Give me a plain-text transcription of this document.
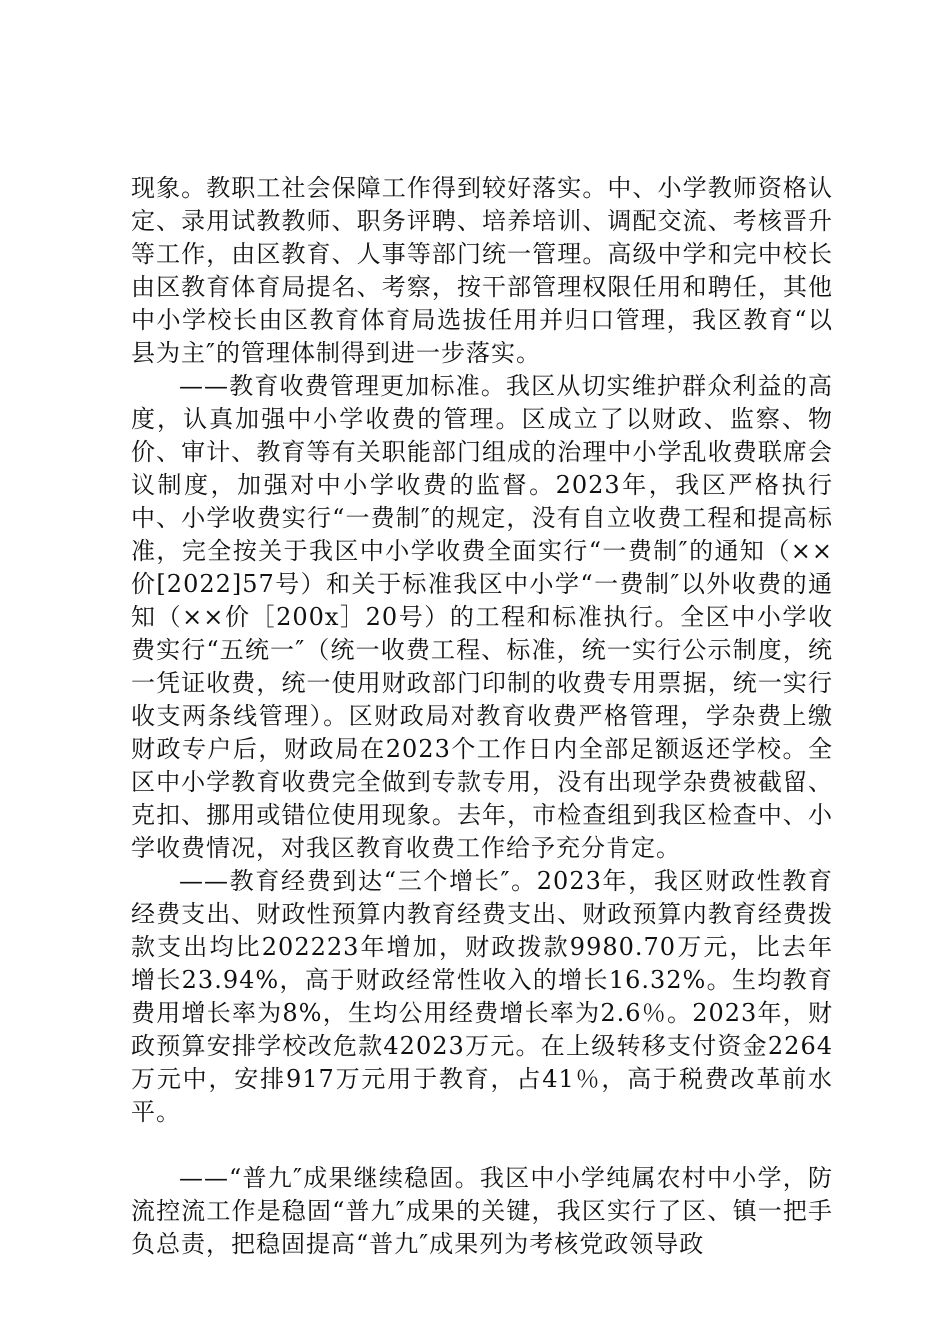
现象。教职工社会保障工作得到较好落实。中、小学教师资格认定、录用试教教师、职务评聘、培养培训、调配交流、考核晋升等工作，由区教育、人事等部门统一管理。高级中学和完中校长由区教育体育局提名、考察，按干部管理权限任用和聘任，其他中小学校长由区教育体育局选拔任用并归口管理，我区教育“以县为主″的管理体制得到进一步落实。

——教育收费管理更加标准。我区从切实维护群众利益的高度，认真加强中小学收费的管理。区成立了以财政、监察、物价、审计、教育等有关职能部门组成的治理中小学乱收费联席会议制度，加强对中小学收费的监督。2023年，我区严格执行中、小学收费实行“一费制″的规定，没有自立收费工程和提高标准，完全按关于我区中小学收费全面实行“一费制″的通知（××价[2022]57号）和关于标准我区中小学“一费制″以外收费的通知（××价［200x］20号）的工程和标准执行。全区中小学收费实行“五统一″（统一收费工程、标准，统一实行公示制度，统一凭证收费，统一使用财政部门印制的收费专用票据，统一实行收支两条线管理）。区财政局对教育收费严格管理，学杂费上缴财政专户后，财政局在2023个工作日内全部足额返还学校。全区中小学教育收费完全做到专款专用，没有出现学杂费被截留、克扣、挪用或错位使用现象。去年，市检查组到我区检查中、小学收费情况，对我区教育收费工作给予充分肯定。

——教育经费到达“三个增长″。2023年，我区财政性教育经费支出、财政性预算内教育经费支出、财政预算内教育经费拨款支出均比202223年增加，财政拨款9980.70万元，比去年增长23.94%，高于财政经常性收入的增长16.32%。生均教育费用增长率为8%，生均公用经费增长率为2.6％。2023年，财政预算安排学校改危款42023万元。在上级转移支付资金2264万元中，安排917万元用于教育，占41％，高于税费改革前水平。

——“普九″成果继续稳固。我区中小学纯属农村中小学，防流控流工作是稳固“普九″成果的关键，我区实行了区、镇一把手负总责，把稳固提高“普九″成果列为考核党政领导政
